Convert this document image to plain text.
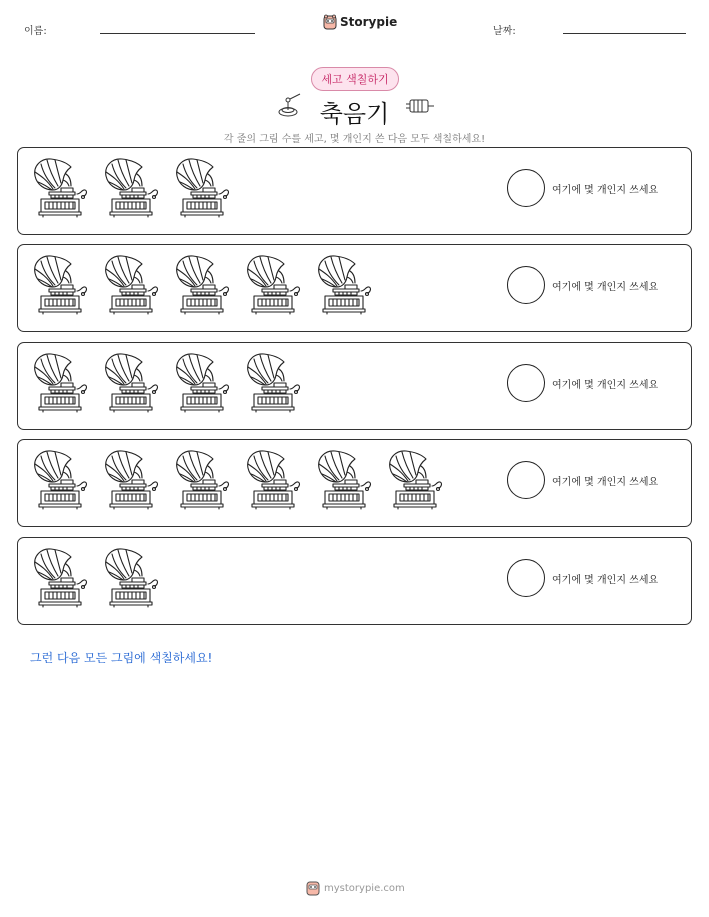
이름:
Storypie
날짜:
세고 색칠하기
축음기
각 줄의 그림 수를 세고, 몇 개인지 쓴 다음 모두 색칠하세요!
여기에 몇 개인지 쓰세요
여기에 몇 개인지 쓰세요
여기에 몇 개인지 쓰세요
여기에 몇 개인지 쓰세요
여기에 몇 개인지 쓰세요
그런 다음 모든 그림에 색칠하세요!
mystorypie.com
